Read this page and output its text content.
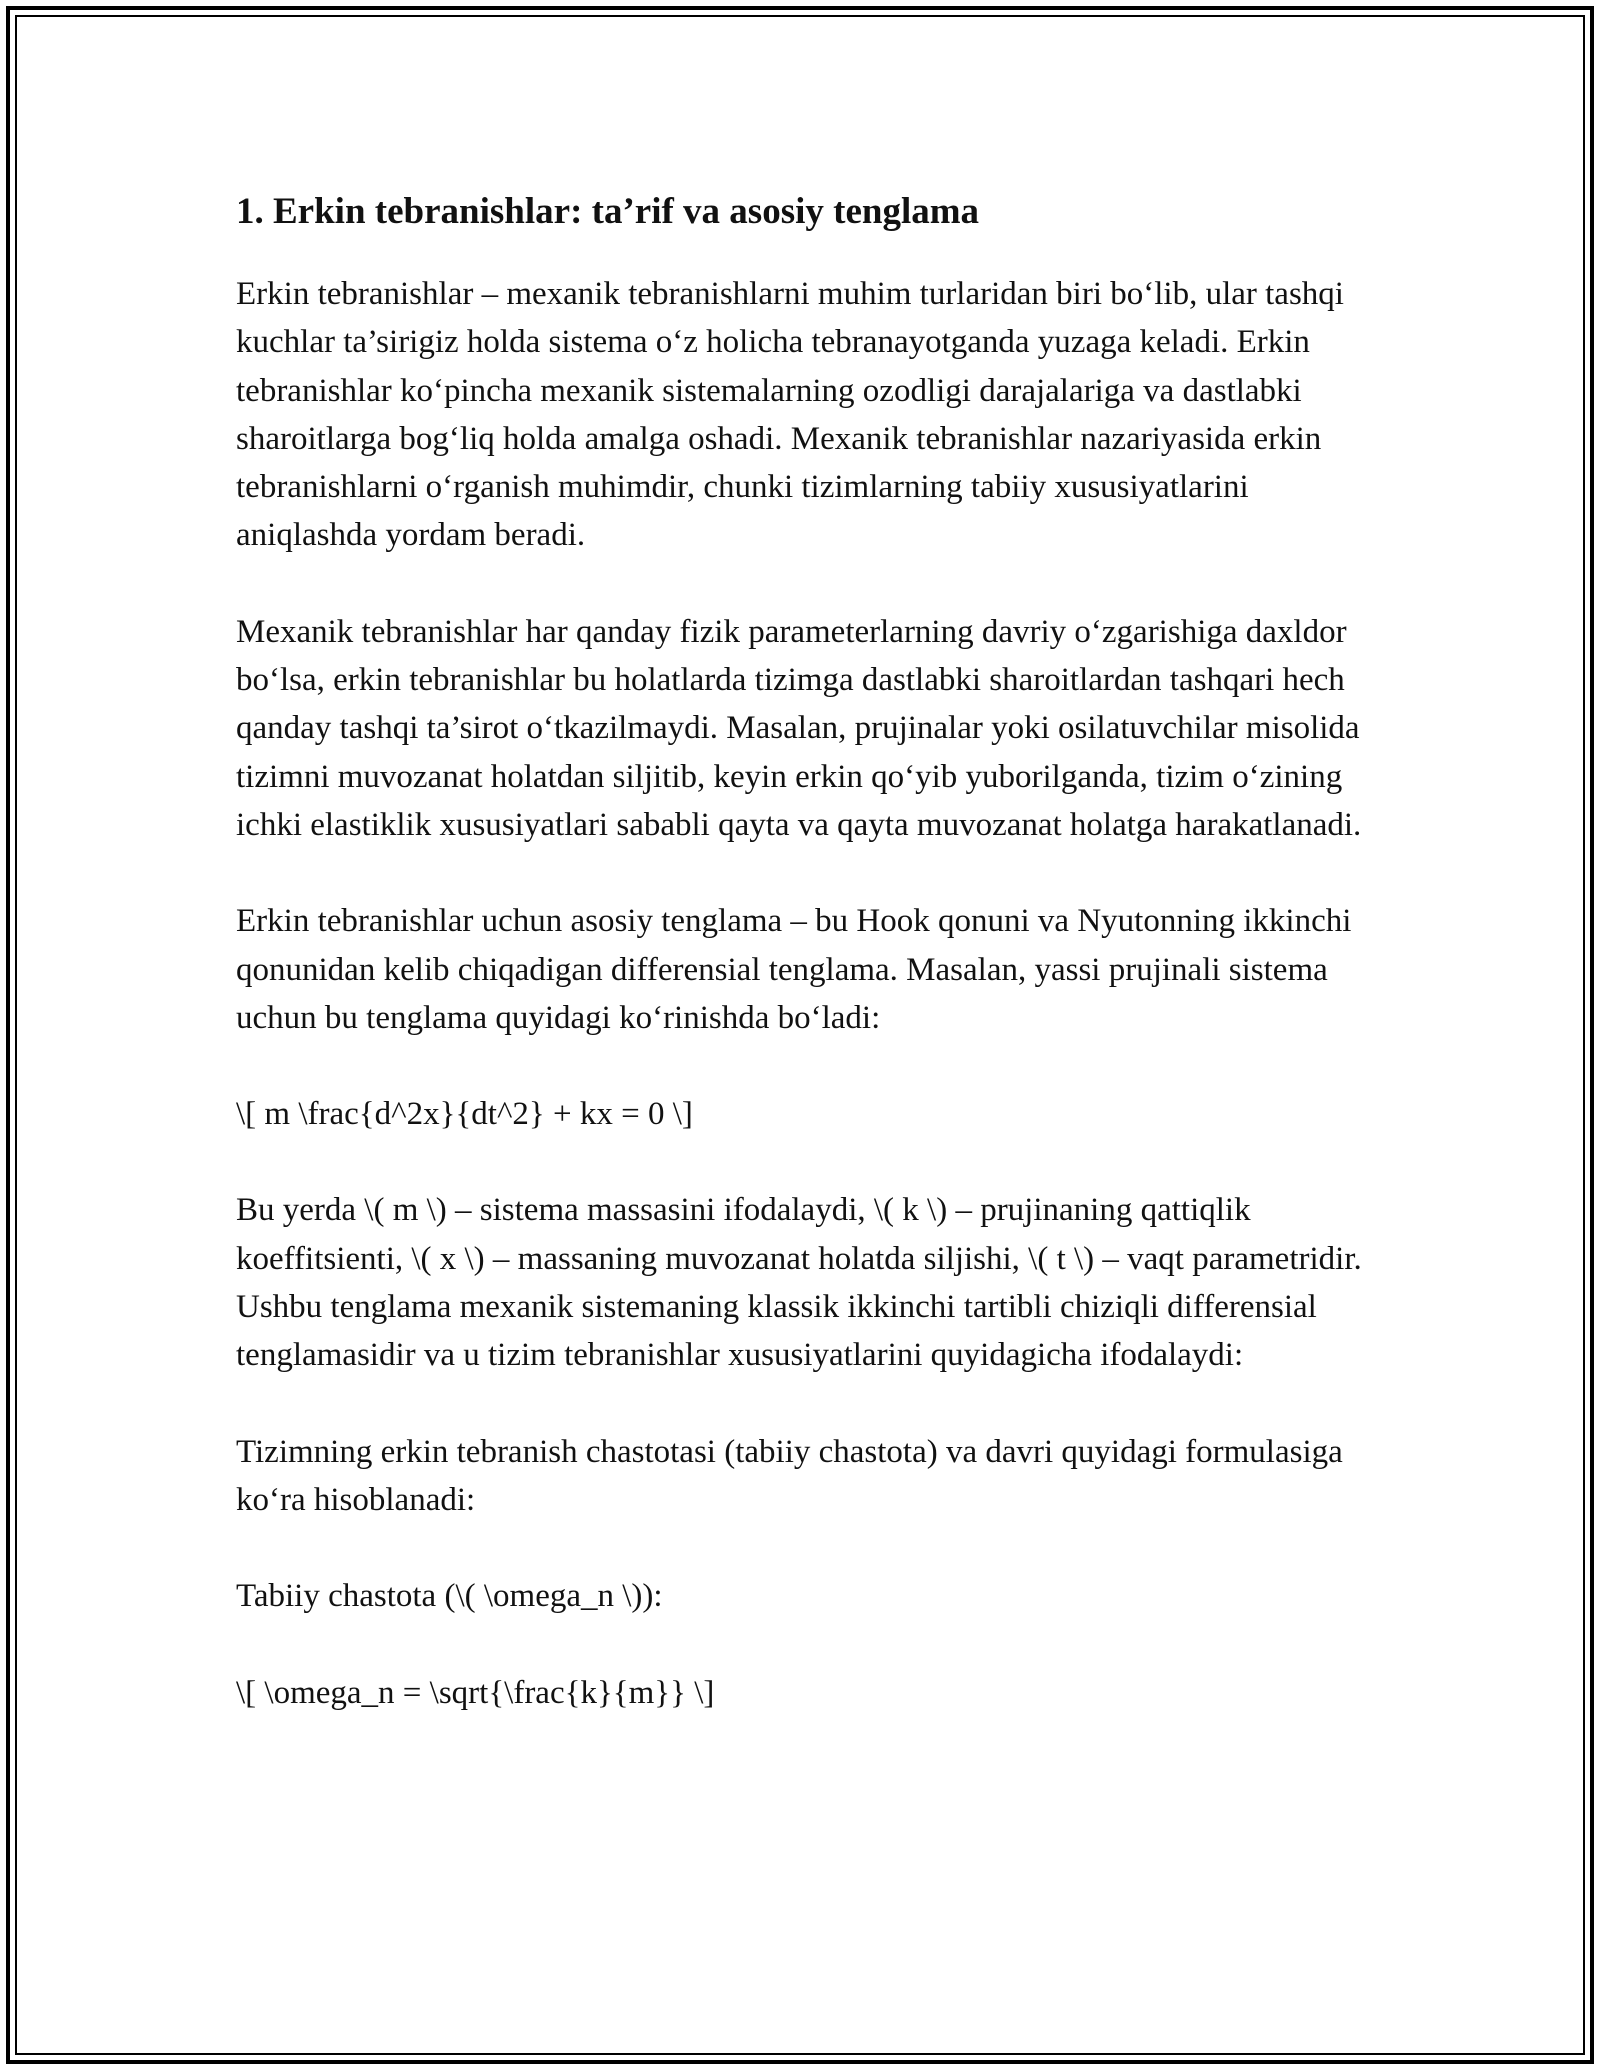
1. Erkin tebranishlar: ta’rif va asosiy tenglama

Erkin tebranishlar – mexanik tebranishlarni muhim turlaridan biri bo‘lib, ular tashqi kuchlar ta’sirigiz holda sistema o‘z holicha tebranayotganda yuzaga keladi. Erkin tebranishlar ko‘pincha mexanik sistemalarning ozodligi darajalariga va dastlabki sharoitlarga bog‘liq holda amalga oshadi. Mexanik tebranishlar nazariyasida erkin tebranishlarni o‘rganish muhimdir, chunki tizimlarning tabiiy xususiyatlarini aniqlashda yordam beradi.

Mexanik tebranishlar har qanday fizik parameterlarning davriy o‘zgarishiga daxldor bo‘lsa, erkin tebranishlar bu holatlarda tizimga dastlabki sharoitlardan tashqari hech qanday tashqi ta’sirot o‘tkazilmaydi. Masalan, prujinalar yoki osilatuvchilar misolida tizimni muvozanat holatdan siljitib, keyin erkin qo‘yib yuborilganda, tizim o‘zining ichki elastiklik xususiyatlari sababli qayta va qayta muvozanat holatga harakatlanadi.

Erkin tebranishlar uchun asosiy tenglama – bu Hook qonuni va Nyutonning ikkinchi qonunidan kelib chiqadigan differensial tenglama. Masalan, yassi prujinali sistema uchun bu tenglama quyidagi ko‘rinishda bo‘ladi:

\[ m \frac{d^2x}{dt^2} + kx = 0 \]

Bu yerda \( m \) – sistema massasini ifodalaydi, \( k \) – prujinaning qattiqlik koeffitsienti, \( x \) – massaning muvozanat holatda siljishi, \( t \) – vaqt parametridir. Ushbu tenglama mexanik sistemaning klassik ikkinchi tartibli chiziqli differensial tenglamasidir va u tizim tebranishlar xususiyatlarini quyidagicha ifodalaydi:

Tizimning erkin tebranish chastotasi (tabiiy chastota) va davri quyidagi formulasiga ko‘ra hisoblanadi:

Tabiiy chastota (\( \omega_n \)):

\[ \omega_n = \sqrt{\frac{k}{m}} \]
